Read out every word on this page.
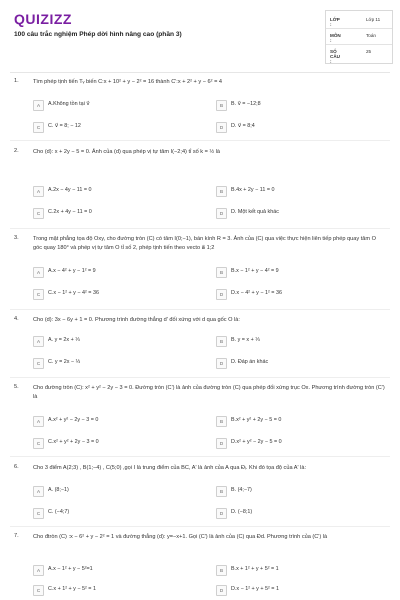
QUIZIZZ
100 câu trắc nghiệm Phép dời hình nâng cao (phần 3)
LỚP :
Lớp 11
MÔN :
Toán
SỐ CÂU :
25
1.	Tìm phép tịnh tiến Tᵥ biến C:x + 10² + y − 2² = 16 thành C':x + 2² + y − 6² = 4
A	A.Không tồn tại v⃗	B	B. v⃗ = −12;8
C	C. v⃗ = 8; − 12	D	D. v⃗ = 8;4
2.	Cho (d): x + 2y − 5 = 0. Ảnh của (d) qua phép vị tự tâm I(−2;4) tỉ số k = ½ là
A	A.2x − 4y − 11 = 0	B	B.4x + 2y − 11 = 0
C	C.2x + 4y − 11 = 0	D	D. Một kết quả khác
3.	Trong mặt phẳng tọa độ Oxy, cho đường tròn (C) có tâm I(0;−1), bán kính R = 3. Ảnh của (C) qua việc thực hiện liên tiếp phép quay tâm O góc quay 180° và phép vị tự tâm O tỉ số 2, phép tịnh tiến theo vecto a⃗ 1;2
A	A.x − 4² + y − 1² = 9	B	B.x − 1² + y − 4² = 9
C	C.x − 1² + y − 4² = 36	D	D.x − 4² + y − 1² = 36
4.	Cho (d): 3x − 6y + 1 = 0. Phương trình đường thẳng d' đối xứng với d qua gốc O là:
A	A. y = 2x + ⅓	B	B. y = x + ⅓
C	C. y = 2x − ⅓	D	D. Đáp án khác
5.	Cho đường tròn (C): x² + y² − 2y − 3 = 0. Đường tròn (C') là ảnh của đường tròn (C) qua phép đối xứng trục Ox. Phương trình đường tròn (C') là
A	A.x² + y² − 2y − 3 = 0	B	B.x² + y² + 2y − 5 = 0
C	C.x² + y² + 2y − 3 = 0	D	D.x² + y² − 2y − 5 = 0
6.	Cho 3 điểm A(2;3) , B(1;−4) , C(5;0) ,gọi I là trung điểm của BC, A' là ảnh của A qua Đᵢ. Khi đó tọa độ của A' là:
A	A. (8;−1)	B	B. (4;−7)
C	C. (−4;7)	D	D. (−8;1)
7.	Cho đtròn (C) :x − 6² + y − 2² = 1 và đường thẳng (d): y=−x+1. Gọi (C') là ảnh của (C) qua Đd. Phương trình của (C') là
A	A.x − 1² + y − 5²=1	B	B.x + 1² + y + 5² = 1
C	C.x + 1² + y − 5² = 1	D	D.x − 1² + y + 5² = 1
